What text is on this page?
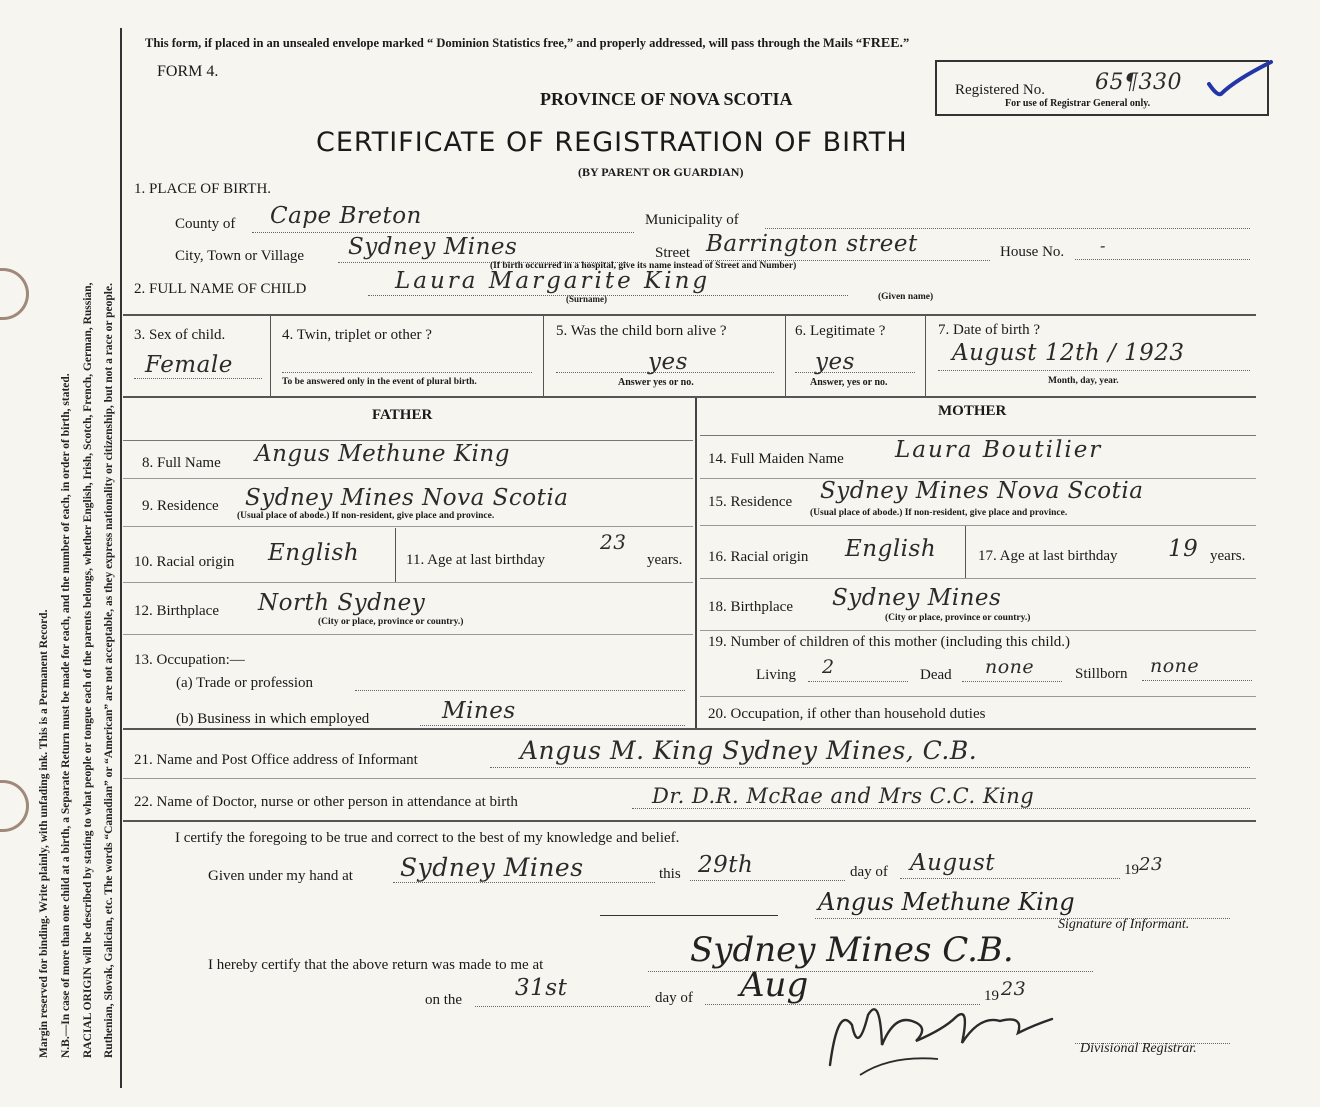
Margin reserved for binding. Write plainly, with unfading ink. This is a Permanent Record. N.B.—In case of more than one child at a birth, a Separate Return must be made for each, and the number of each, in order of birth, stated. RACIAL ORIGIN will be described by stating to what people or tongue each of the parents belongs, whether English, Irish, Scotch, French, German, Russian, Ruthenian, Slovak, Galician, etc. The words “Canadian” or “American” are not acceptable, as they express nationality or citizenship, but not a race or people.
This form, if placed in an unsealed envelope marked “ Dominion Statistics free,” and properly addressed, will pass through the Mails “FREE.”
FORM 4.
PROVINCE OF NOVA SCOTIA
CERTIFICATE OF REGISTRATION OF BIRTH
(BY PARENT OR GUARDIAN)
Registered No. 65¶330
For use of Registrar General only.
1. PLACE OF BIRTH.
County of Cape Breton	Municipality of
City, Town or Village Sydney Mines	Street Barrington street	House No. -
(If birth occurred in a hospital, give its name instead of Street and Number)
2. FULL NAME OF CHILD	Laura Margarite King
(Surname)	(Given name)
3. Sex of child.
Female
4. Twin, triplet or other ?
To be answered only in the event of plural birth.
5. Was the child born alive ?
yes
Answer yes or no.
6. Legitimate ?
yes
Answer, yes or no.
7. Date of birth ?
August 12th / 1923
Month, day, year.
FATHER
8. Full Name Angus Methune King
9. Residence Sydney Mines Nova Scotia
(Usual place of abode.) If non-resident, give place and province.
10. Racial origin English	11. Age at last birthday
23
years.
12. Birthplace North Sydney
(City or place, province or country.)
13. Occupation:—
(a) Trade or profession
(b) Business in which employed	Mines
MOTHER
14. Full Maiden Name Laura Boutilier
15. Residence Sydney Mines Nova Scotia
(Usual place of abode.) If non-resident, give place and province.
16. Racial origin English	17. Age at last birthday 19 years.
18. Birthplace Sydney Mines
(City or place, province or country.)
19. Number of children of this mother (including this child.)
Living 2	Dead none	Stillborn none
20. Occupation, if other than household duties
21. Name and Post Office address of Informant	Angus M. King Sydney Mines, C.B.
22. Name of Doctor, nurse or other person in attendance at birth	Dr. D.R. McRae and Mrs C.C. King
I certify the foregoing to be true and correct to the best of my knowledge and belief.
Given under my hand at Sydney Mines	this 29th	day of August	19 23
Angus Methune King
Signature of Informant.
I hereby certify that the above return was made to me at	Sydney Mines C.B.
on the 31st	day of Aug	19 23
Divisional Registrar.
